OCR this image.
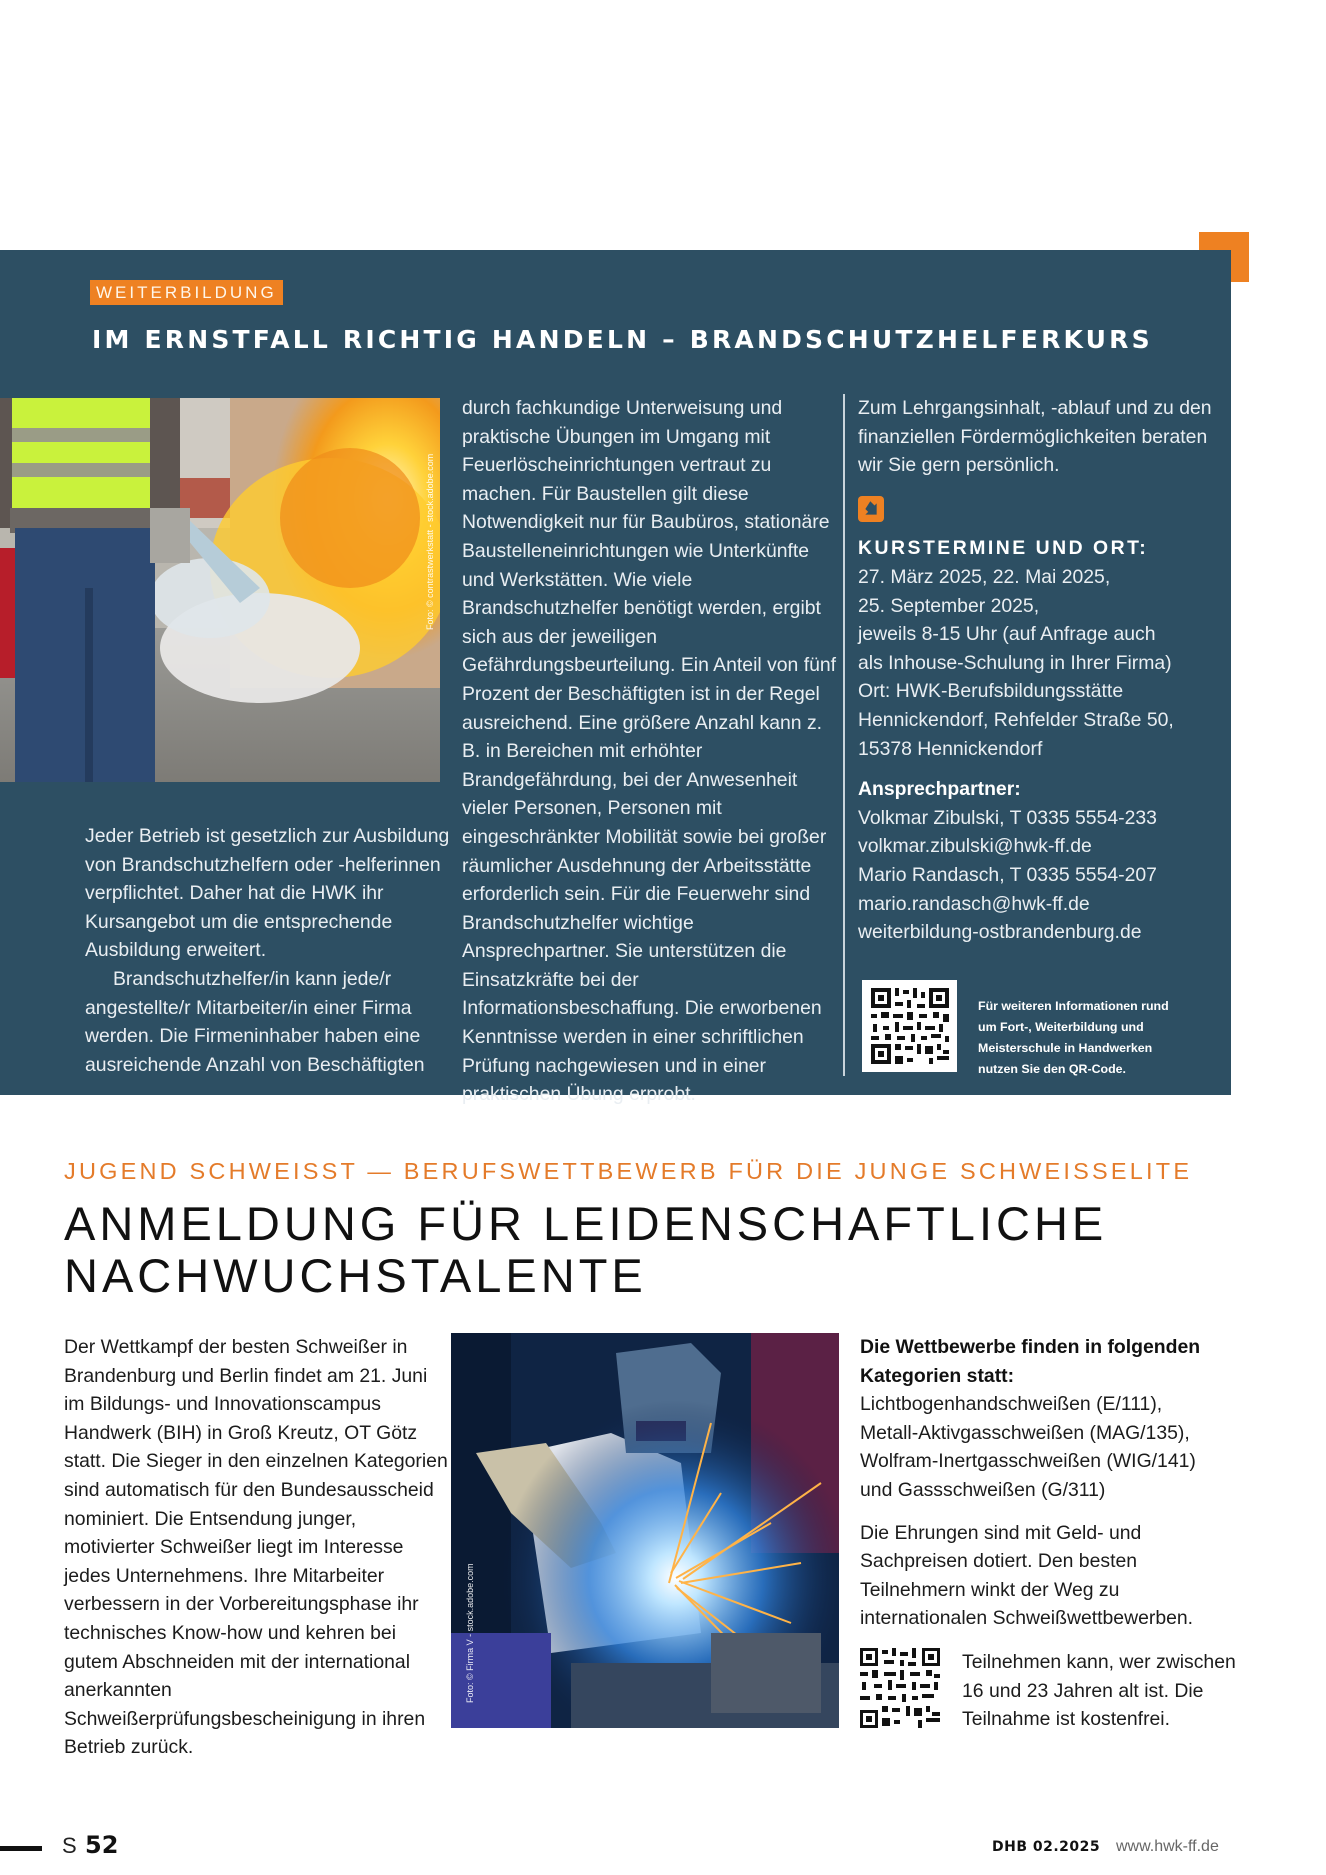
WEITERBILDUNG
IM ERNSTFALL RICHTIG HANDELN – BRANDSCHUTZHELFERKURS
Foto: © contrastwerkstatt - stock.adobe.com

Jeder Betrieb ist gesetzlich zur Ausbildung von Brandschutzhelfern oder -helferinnen verpflichtet. Daher hat die HWK ihr Kursangebot um die entsprechende Ausbildung erweitert.

Brandschutzhelfer/in kann jede/r angestellte/r Mitarbeiter/in einer Firma werden. Die Firmeninhaber haben eine ausreichende Anzahl von Beschäftigten

durch fachkundige Unterweisung und praktische Übungen im Umgang mit Feuerlöscheinrichtungen vertraut zu machen. Für Baustellen gilt diese Notwendigkeit nur für Baubüros, stationäre Baustelleneinrichtungen wie Unterkünfte und Werkstätten. Wie viele Brandschutzhelfer benötigt werden, ergibt sich aus der jeweiligen Gefährdungsbeurteilung. Ein Anteil von fünf Prozent der Beschäftigten ist in der Regel ausreichend. Eine größere Anzahl kann z. B. in Bereichen mit erhöhter Brandgefährdung, bei der Anwesenheit vieler Personen, Personen mit eingeschränkter Mobilität sowie bei großer räumlicher Ausdehnung der Arbeitsstätte erforderlich sein. Für die Feuerwehr sind Brandschutzhelfer wichtige Ansprechpartner. Sie unterstützen die Einsatzkräfte bei der Informationsbeschaffung. Die erworbenen Kenntnisse werden in einer schriftlichen Prüfung nachgewiesen und in einer praktischen Übung erprobt.

Zum Lehrgangsinhalt, -ablauf und zu den finanziellen Fördermöglichkeiten beraten wir Sie gern persönlich.

KURSTERMINE UND ORT:

27. März 2025, 22. Mai 2025,

25. September 2025,

jeweils 8-15 Uhr (auf Anfrage auch

als Inhouse-Schulung in Ihrer Firma)

Ort: HWK-Berufsbildungsstätte

Hennickendorf, Rehfelder Straße 50,

15378 Hennickendorf

Ansprechpartner:

Volkmar Zibulski, T 0335 5554-233

volkmar.zibulski@hwk-ff.de

Mario Randasch, T 0335 5554-207

mario.randasch@hwk-ff.de

weiterbildung-ostbrandenburg.de

Für weiteren Informationen rund um Fort-, Weiterbildung und Meisterschule in Handwerken nutzen Sie den QR-Code.
JUGEND SCHWEISST — BERUFSWETTBEWERB FÜR DIE JUNGE SCHWEISSELITE
ANMELDUNG FÜR LEIDENSCHAFTLICHE
NACHWUCHSTALENTE

Der Wettkampf der besten Schweißer in Brandenburg und Berlin findet am 21. Juni im Bildungs- und Innovationscampus Handwerk (BIH) in Groß Kreutz, OT Götz statt. Die Sieger in den einzelnen Kategorien sind automatisch für den Bundesausscheid nominiert. Die Entsendung junger, motivierter Schweißer liegt im Interesse jedes Unternehmens. Ihre Mitarbeiter verbessern in der Vorbereitungsphase ihr technisches Know-how und kehren bei gutem Abschneiden mit der international anerkannten Schweißerprüfungsbescheinigung in ihren Betrieb zurück.

Foto: © Firma V - stock.adobe.com

Die Wettbewerbe finden in folgenden Kategorien statt:

Lichtbogenhandschweißen (E/111),

Metall-Aktivgasschweißen (MAG/135),

Wolfram-Inertgasschweißen (WIG/141)

und Gassschweißen (G/311)

Die Ehrungen sind mit Geld- und Sachpreisen dotiert. Den besten Teilnehmern winkt der Weg zu internationalen Schweißwettbewerben.

Teilnehmen kann, wer zwischen 16 und 23 Jahren alt ist. Die Teilnahme ist kostenfrei.

S 52	DHB 02.2025 www.hwk-ff.de
